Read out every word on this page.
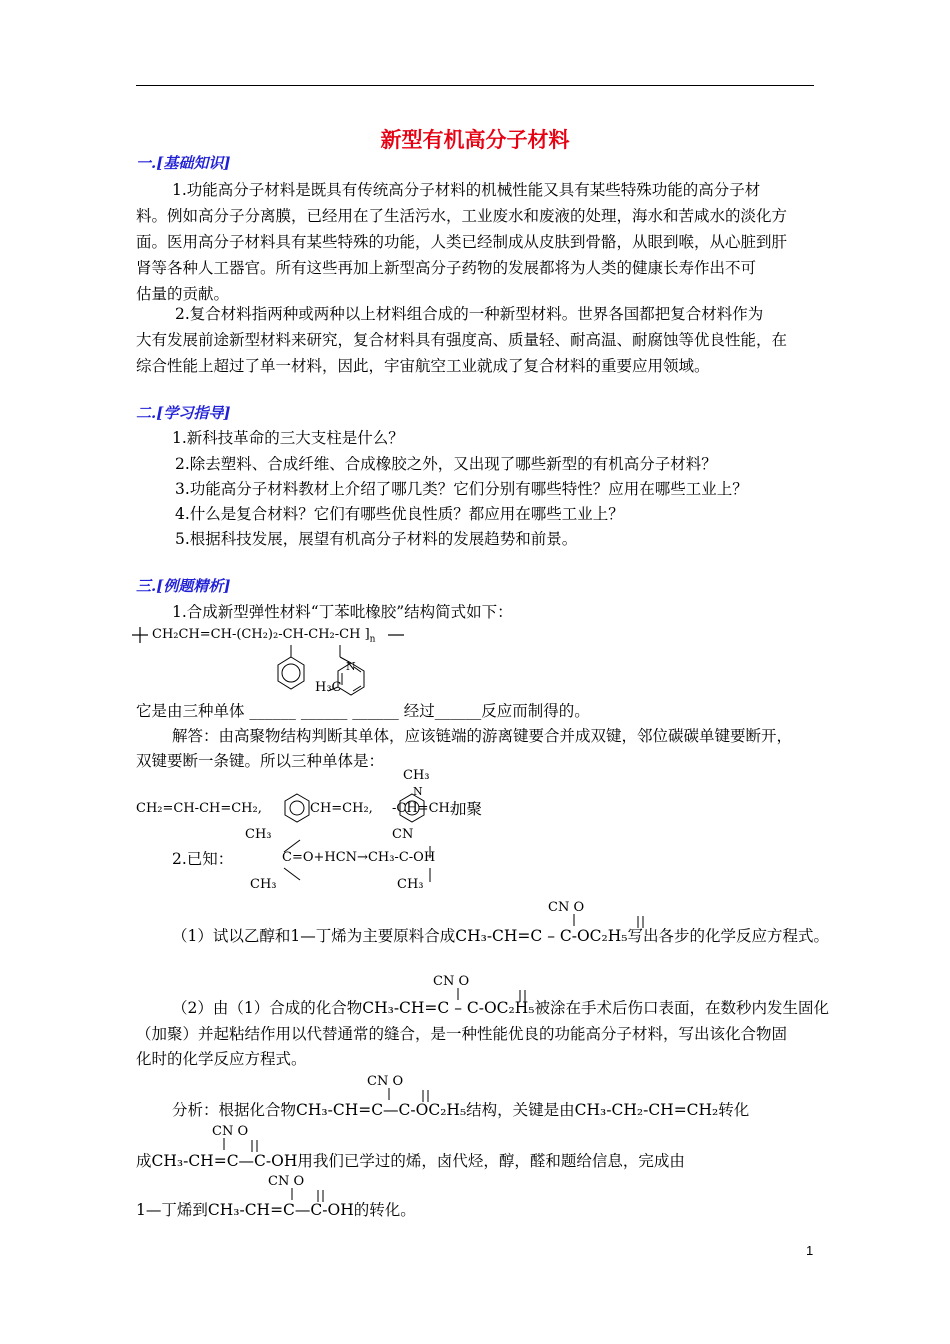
新型有机高分子材料
一.[基础知识]
1.功能高分子材料是既具有传统高分子材料的机械性能又具有某些特殊功能的高分子材
料。例如高分子分离膜，已经用在了生活污水，工业废水和废液的处理，海水和苦咸水的淡化方
面。医用高分子材料具有某些特殊的功能，人类已经制成从皮肤到骨骼，从眼到喉，从心脏到肝
肾等各种人工器官。所有这些再加上新型高分子药物的发展都将为人类的健康长寿作出不可
估量的贡献。
2.复合材料指两种或两种以上材料组合成的一种新型材料。世界各国都把复合材料作为
大有发展前途新型材料来研究，复合材料具有强度高、质量轻、耐高温、耐腐蚀等优良性能，在
综合性能上超过了单一材料，因此，宇宙航空工业就成了复合材料的重要应用领域。
二.[学习指导]
1.新科技革命的三大支柱是什么？
2.除去塑料、合成纤维、合成橡胶之外，又出现了哪些新型的有机高分子材料？
3.功能高分子材料教材上介绍了哪几类？它们分别有哪些特性？应用在哪些工业上？
4.什么是复合材料？它们有哪些优良性质？都应用在哪些工业上？
5.根据科技发展，展望有机高分子材料的发展趋势和前景。
三.[例题精析]
1.合成新型弹性材料“丁苯吡橡胶”结构简式如下：
CH₂CH=CH-(CH₂)₂-CH-CH₂-CH ]$_n$
N
H₃C
它是由三种单体 ______ ______ ______ 经过______反应而制得的。
解答：由高聚物结构判断其单体，应该链端的游离键要合并成双键，邻位碳碳单键要断开，
双键要断一条键。所以三种单体是：
CH₃
N
CH₂=CH-CH=CH₂,	CH=CH₂, -CH=CH₂
加聚
CH₃	CN
2.已知：	C=O+HCN→CH₃-C-OH
CH₃	CH₃
CN O
（1）试以乙醇和1—丁烯为主要原料合成CH₃-CH=C – C-OC₂H₅写出各步的化学反应方程式。
CN O
（2）由（1）合成的化合物CH₃-CH=C – C-OC₂H₅被涂在手术后伤口表面，在数秒内发生固化
（加聚）并起粘结作用以代替通常的缝合，是一种性能优良的功能高分子材料，写出该化合物固
化时的化学反应方程式。
CN O
分析：根据化合物CH₃-CH=C—C-OC₂H₅结构，关键是由CH₃-CH₂-CH=CH₂转化
CN O
成CH₃-CH=C—C-OH用我们已学过的烯，卤代烃，醇，醛和题给信息，完成由
CN O
1—丁烯到CH₃-CH=C—C-OH的转化。
1
